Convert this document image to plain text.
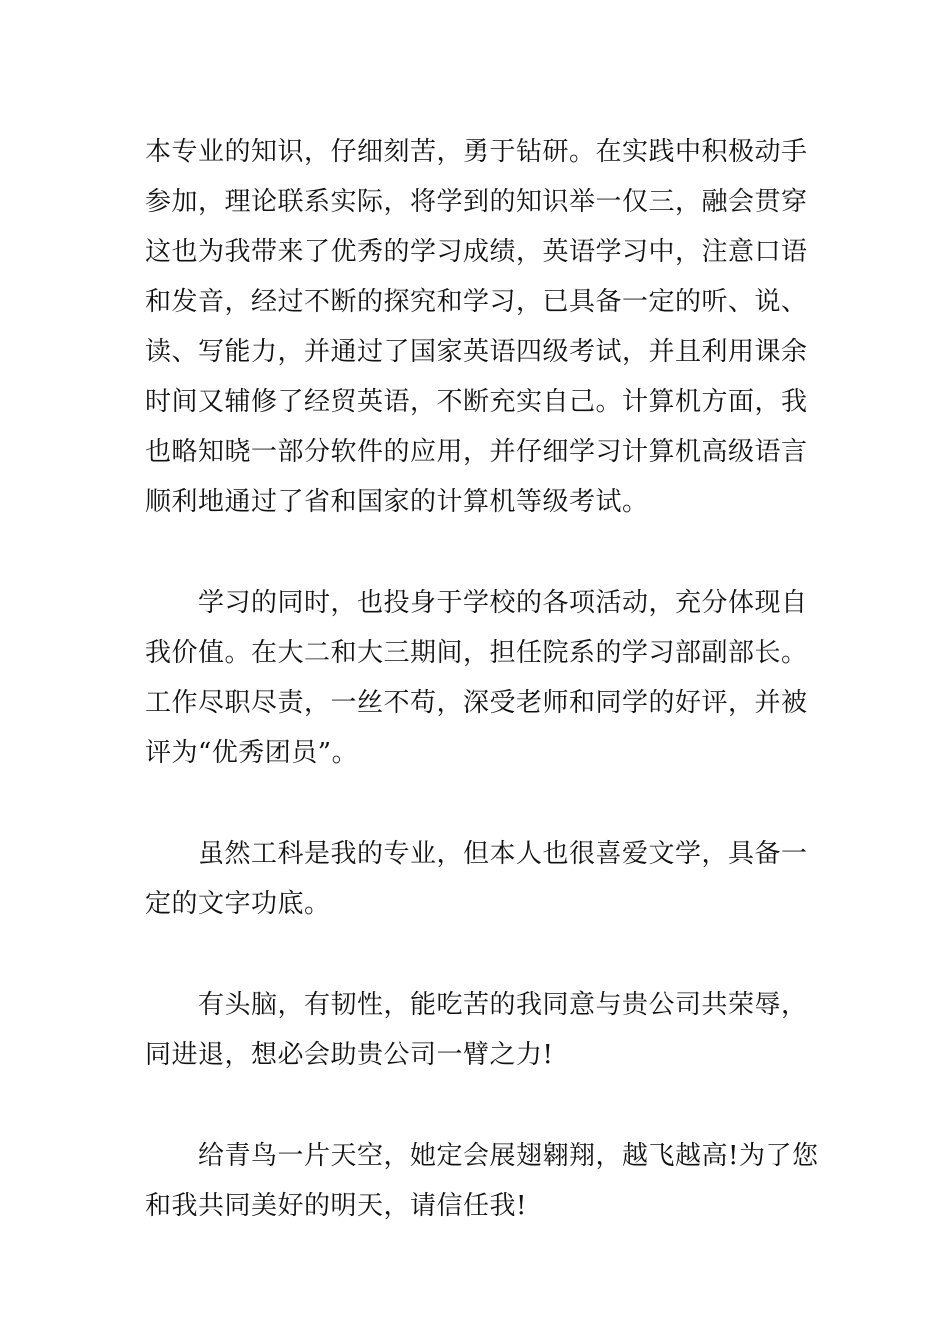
本专业的知识，仔细刻苦，勇于钻研。在实践中积极动手
参加，理论联系实际，将学到的知识举一仅三，融会贯穿
这也为我带来了优秀的学习成绩，英语学习中，注意口语
和发音，经过不断的探究和学习，已具备一定的听、说、
读、写能力，并通过了国家英语四级考试，并且利用课余
时间又辅修了经贸英语，不断充实自己。计算机方面，我
也略知晓一部分软件的应用，并仔细学习计算机高级语言
顺利地通过了省和国家的计算机等级考试。
学习的同时，也投身于学校的各项活动，充分体现自
我价值。在大二和大三期间，担任院系的学习部副部长。
工作尽职尽责，一丝不苟，深受老师和同学的好评，并被
评为“优秀团员”。
虽然工科是我的专业，但本人也很喜爱文学，具备一
定的文字功底。
有头脑，有韧性，能吃苦的我同意与贵公司共荣辱，
同进退，想必会助贵公司一臂之力!
给青鸟一片天空，她定会展翅翱翔，越飞越高!为了您
和我共同美好的明天，请信任我!
